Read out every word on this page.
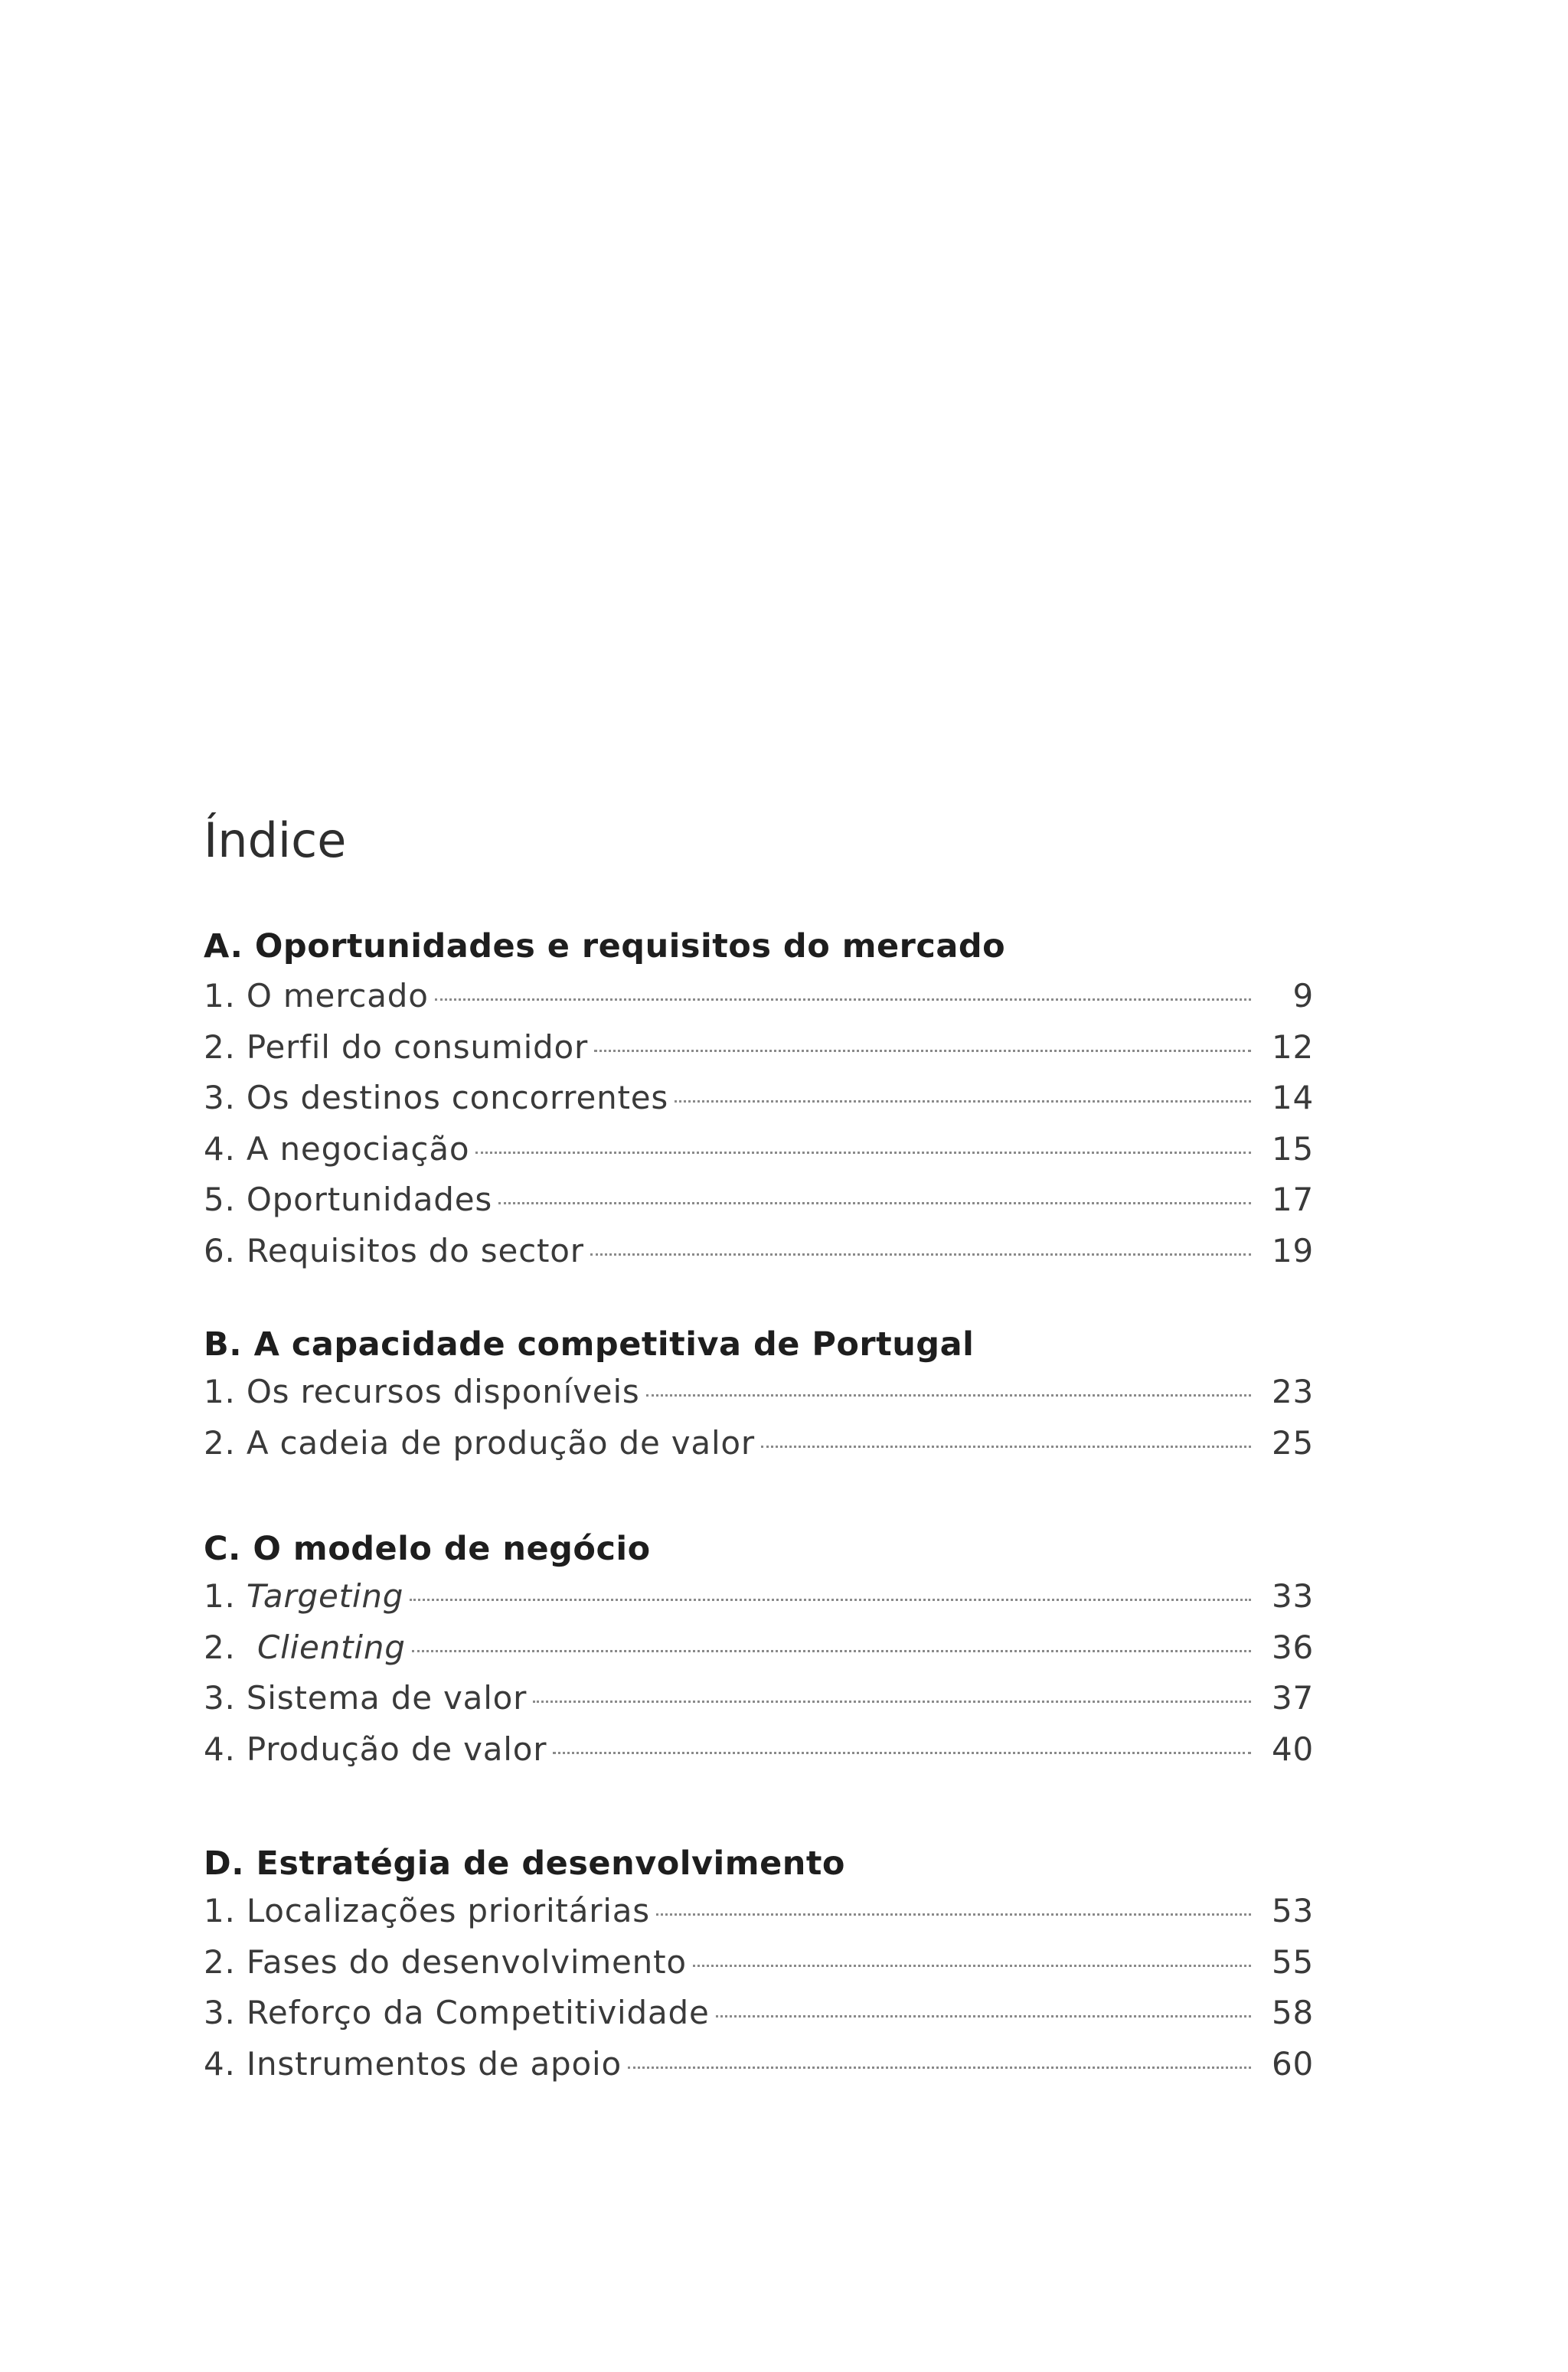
Índice
A. Oportunidades e requisitos do mercado
1. O mercado	9
2. Perfil do consumidor	12
3. Os destinos concorrentes	14
4. A negociação	15
5. Oportunidades	17
6. Requisitos do sector	19
B. A capacidade competitiva de Portugal
1. Os recursos disponíveis	23
2. A cadeia de produção de valor	25
C. O modelo de negócio
1. Targeting	33
2. Clienting	36
3. Sistema de valor	37
4. Produção de valor	40
D. Estratégia de desenvolvimento
1. Localizações prioritárias	53
2. Fases do desenvolvimento	55
3. Reforço da Competitividade	58
4. Instrumentos de apoio	60
